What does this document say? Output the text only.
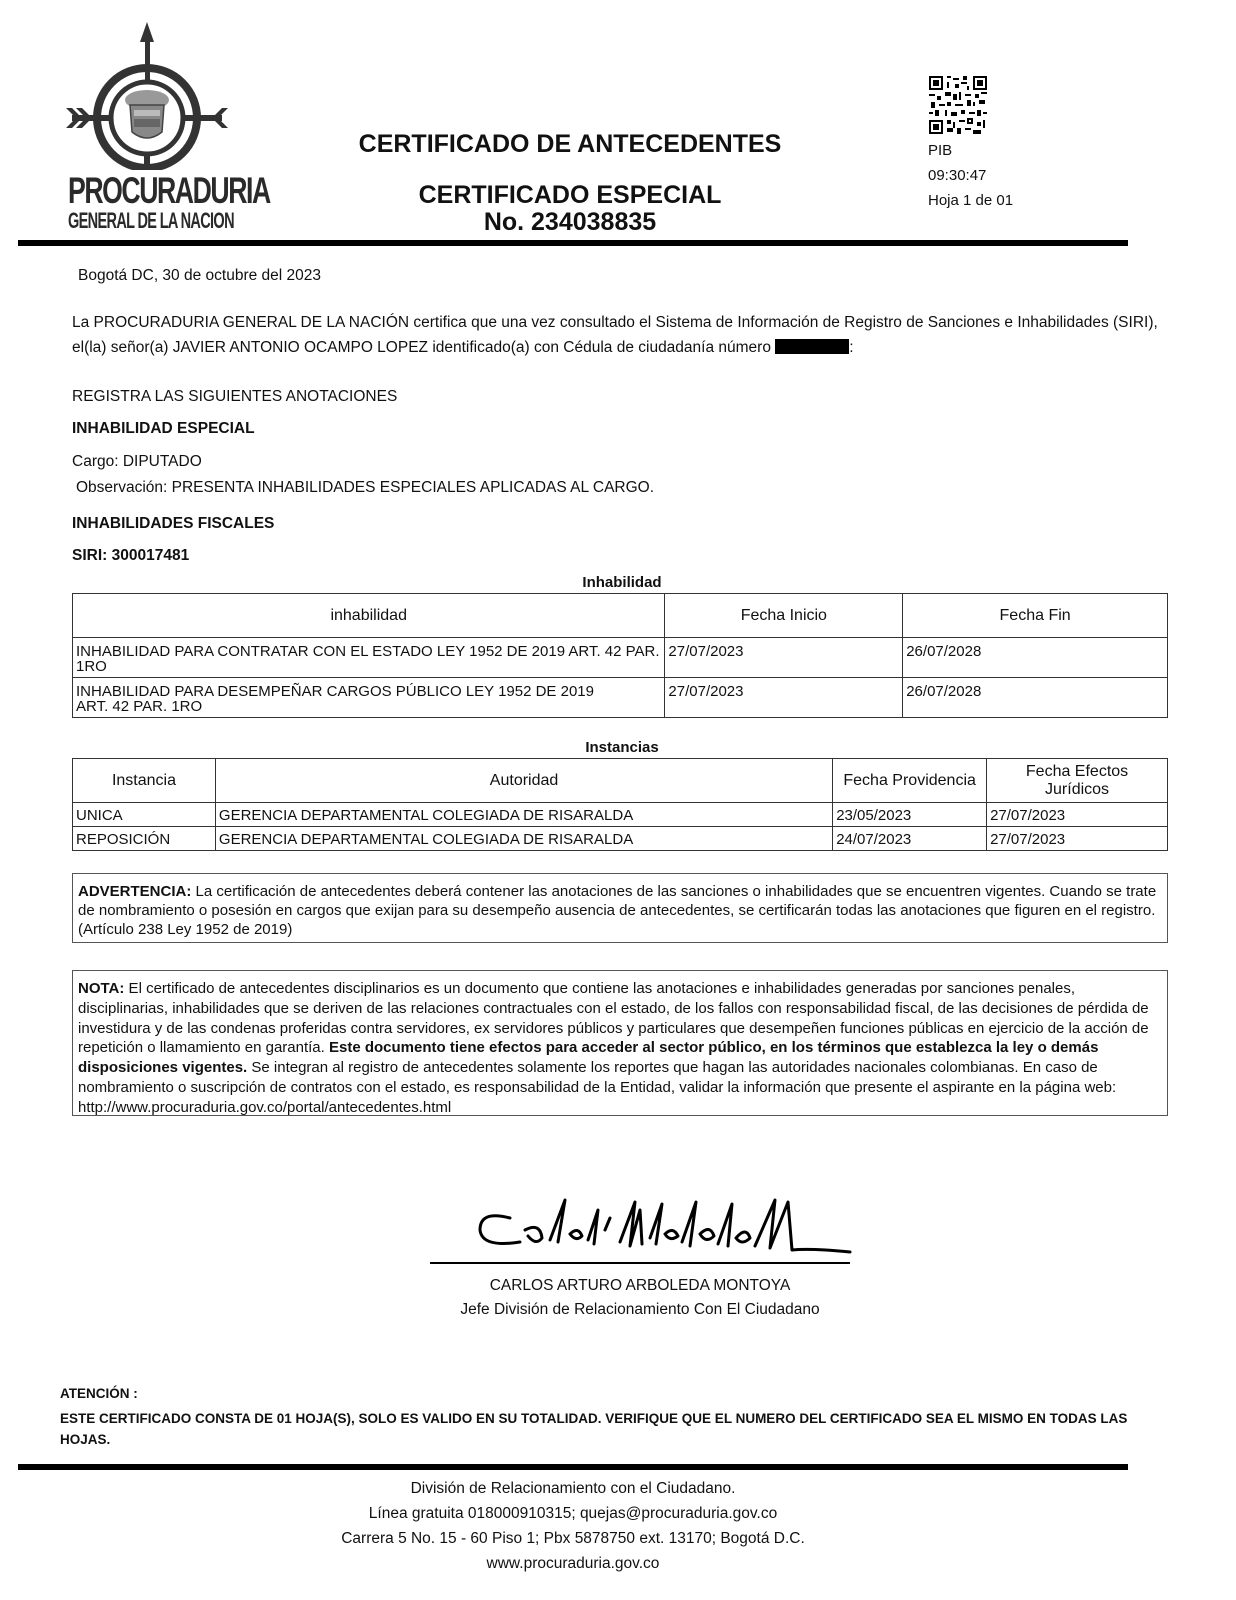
PROCURADURIA
GENERAL DE LA NACION
CERTIFICADO DE ANTECEDENTES
CERTIFICADO ESPECIAL
No. 234038835
PIB
09:30:47
Hoja 1 de 01
Bogotá DC, 30 de octubre del 2023
La PROCURADURIA GENERAL DE LA NACIÓN certifica que una vez consultado el Sistema de Información de Registro de Sanciones e Inhabilidades (SIRI), el(la) señor(a) JAVIER ANTONIO OCAMPO LOPEZ identificado(a) con Cédula de ciudadanía número	:
REGISTRA LAS SIGUIENTES ANOTACIONES
INHABILIDAD ESPECIAL
Cargo: DIPUTADO
Observación: PRESENTA INHABILIDADES ESPECIALES APLICADAS AL CARGO.
INHABILIDADES FISCALES
SIRI: 300017481
Inhabilidad
inhabilidad	Fecha Inicio	Fecha Fin
INHABILIDAD PARA CONTRATAR CON EL ESTADO LEY 1952 DE 2019 ART. 42 PAR. 1RO	27/07/2023	26/07/2028
INHABILIDAD PARA DESEMPEÑAR CARGOS PÚBLICO LEY 1952 DE 2019 ART. 42 PAR. 1RO	27/07/2023	26/07/2028
Instancias
Instancia	Autoridad	Fecha Providencia	Fecha Efectos Jurídicos
UNICA	GERENCIA DEPARTAMENTAL COLEGIADA DE RISARALDA	23/05/2023	27/07/2023
REPOSICIÓN	GERENCIA DEPARTAMENTAL COLEGIADA DE RISARALDA	24/07/2023	27/07/2023
ADVERTENCIA: La certificación de antecedentes deberá contener las anotaciones de las sanciones o inhabilidades que se encuentren vigentes. Cuando se trate de nombramiento o posesión en cargos que exijan para su desempeño ausencia de antecedentes, se certificarán todas las anotaciones que figuren en el registro. (Artículo 238 Ley 1952 de 2019)
NOTA: El certificado de antecedentes disciplinarios es un documento que contiene las anotaciones e inhabilidades generadas por sanciones penales, disciplinarias, inhabilidades que se deriven de las relaciones contractuales con el estado, de los fallos con responsabilidad fiscal, de las decisiones de pérdida de investidura y de las condenas proferidas contra servidores, ex servidores públicos y particulares que desempeñen funciones públicas en ejercicio de la acción de repetición o llamamiento en garantía. Este documento tiene efectos para acceder al sector público, en los términos que establezca la ley o demás disposiciones vigentes. Se integran al registro de antecedentes solamente los reportes que hagan las autoridades nacionales colombianas. En caso de nombramiento o suscripción de contratos con el estado, es responsabilidad de la Entidad, validar la información que presente el aspirante en la página web: http://www.procuraduria.gov.co/portal/antecedentes.html
CARLOS ARTURO ARBOLEDA MONTOYA
Jefe División de Relacionamiento Con El Ciudadano
ATENCIÓN :
ESTE CERTIFICADO CONSTA DE 01 HOJA(S), SOLO ES VALIDO EN SU TOTALIDAD. VERIFIQUE QUE EL NUMERO DEL CERTIFICADO SEA EL MISMO EN TODAS LAS HOJAS.
División de Relacionamiento con el Ciudadano.
Línea gratuita 018000910315; quejas@procuraduria.gov.co
Carrera 5 No. 15 - 60 Piso 1; Pbx 5878750 ext. 13170; Bogotá D.C.
www.procuraduria.gov.co
